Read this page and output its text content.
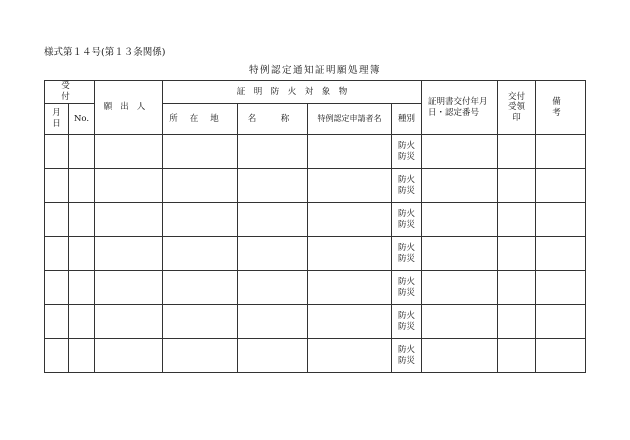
様式第１４号(第１３条関係)
特例認定通知証明願処理簿
受　付		願出人	証　明　防　火　対　象　物				証明書交付年月日・認定番号	交付受領印	備　考
月日	No.		所在地	名　称	特例認定申請者名	種別			

						防火
防災			

						防火
防災			

						防火
防災			

						防火
防災			

						防火
防災			

						防火
防災			

						防火
防災			
